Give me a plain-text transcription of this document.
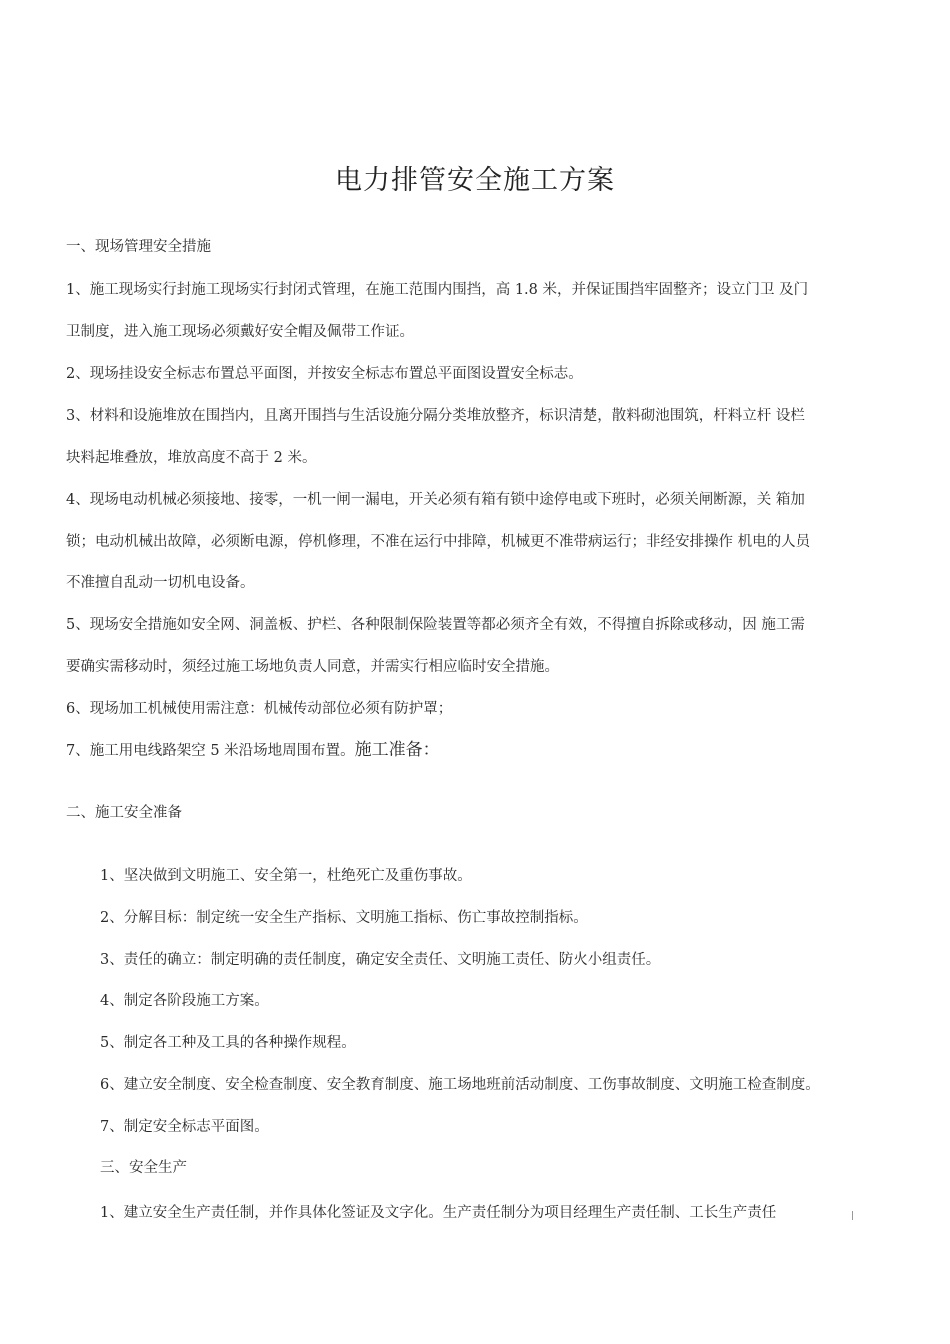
电力排管安全施工方案
一、现场管理安全措施
1、施工现场实行封施工现场实行封闭式管理，在施工范围内围挡，高 1.8 米，并保证围挡牢固整齐；设立门卫 及门
卫制度，进入施工现场必须戴好安全帽及佩带工作证。
2、现场挂设安全标志布置总平面图，并按安全标志布置总平面图设置安全标志。
3、材料和设施堆放在围挡内，且离开围挡与生活设施分隔分类堆放整齐，标识清楚，散料砌池围筑，杆料立杆 设栏
块料起堆叠放，堆放高度不高于 2 米。
4、现场电动机械必须接地、接零，一机一闸一漏电，开关必须有箱有锁中途停电或下班时，必须关闸断源，关 箱加
锁；电动机械出故障，必须断电源，停机修理，不准在运行中排障，机械更不准带病运行；非经安排操作 机电的人员
不准擅自乱动一切机电设备。
5、现场安全措施如安全网、洞盖板、护栏、各种限制保险装置等都必须齐全有效，不得擅自拆除或移动，因 施工需
要确实需移动时，须经过施工场地负责人同意，并需实行相应临时安全措施。
6、现场加工机械使用需注意：机械传动部位必须有防护罩；
7、施工用电线路架空 5 米沿场地周围布置。施工准备：
二、施工安全准备
1、坚决做到文明施工、安全第一，杜绝死亡及重伤事故。
2、分解目标：制定统一安全生产指标、文明施工指标、伤亡事故控制指标。
3、责任的确立：制定明确的责任制度，确定安全责任、文明施工责任、防火小组责任。
4、制定各阶段施工方案。
5、制定各工种及工具的各种操作规程。
6、建立安全制度、安全检查制度、安全教育制度、施工场地班前活动制度、工伤事故制度、文明施工检查制度。
7、制定安全标志平面图。
三、安全生产
1、建立安全生产责任制，并作具体化签证及文字化。生产责任制分为项目经理生产责任制、工长生产责任
